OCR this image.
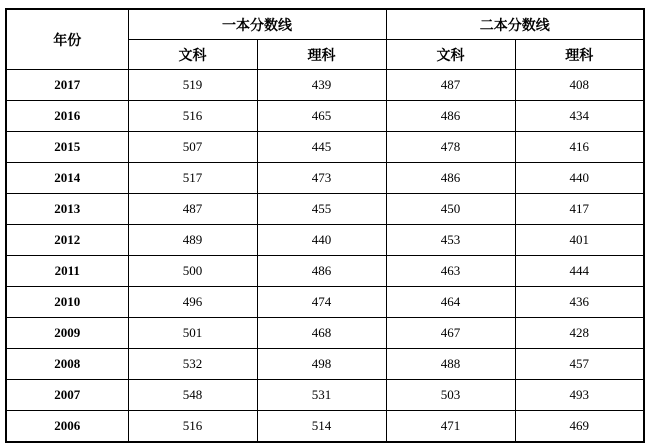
年份	一本分数线		二本分数线	
	文科	理科	文科	理科
2017	519	439	487	408
2016	516	465	486	434
2015	507	445	478	416
2014	517	473	486	440
2013	487	455	450	417
2012	489	440	453	401
2011	500	486	463	444
2010	496	474	464	436
2009	501	468	467	428
2008	532	498	488	457
2007	548	531	503	493
2006	516	514	471	469
